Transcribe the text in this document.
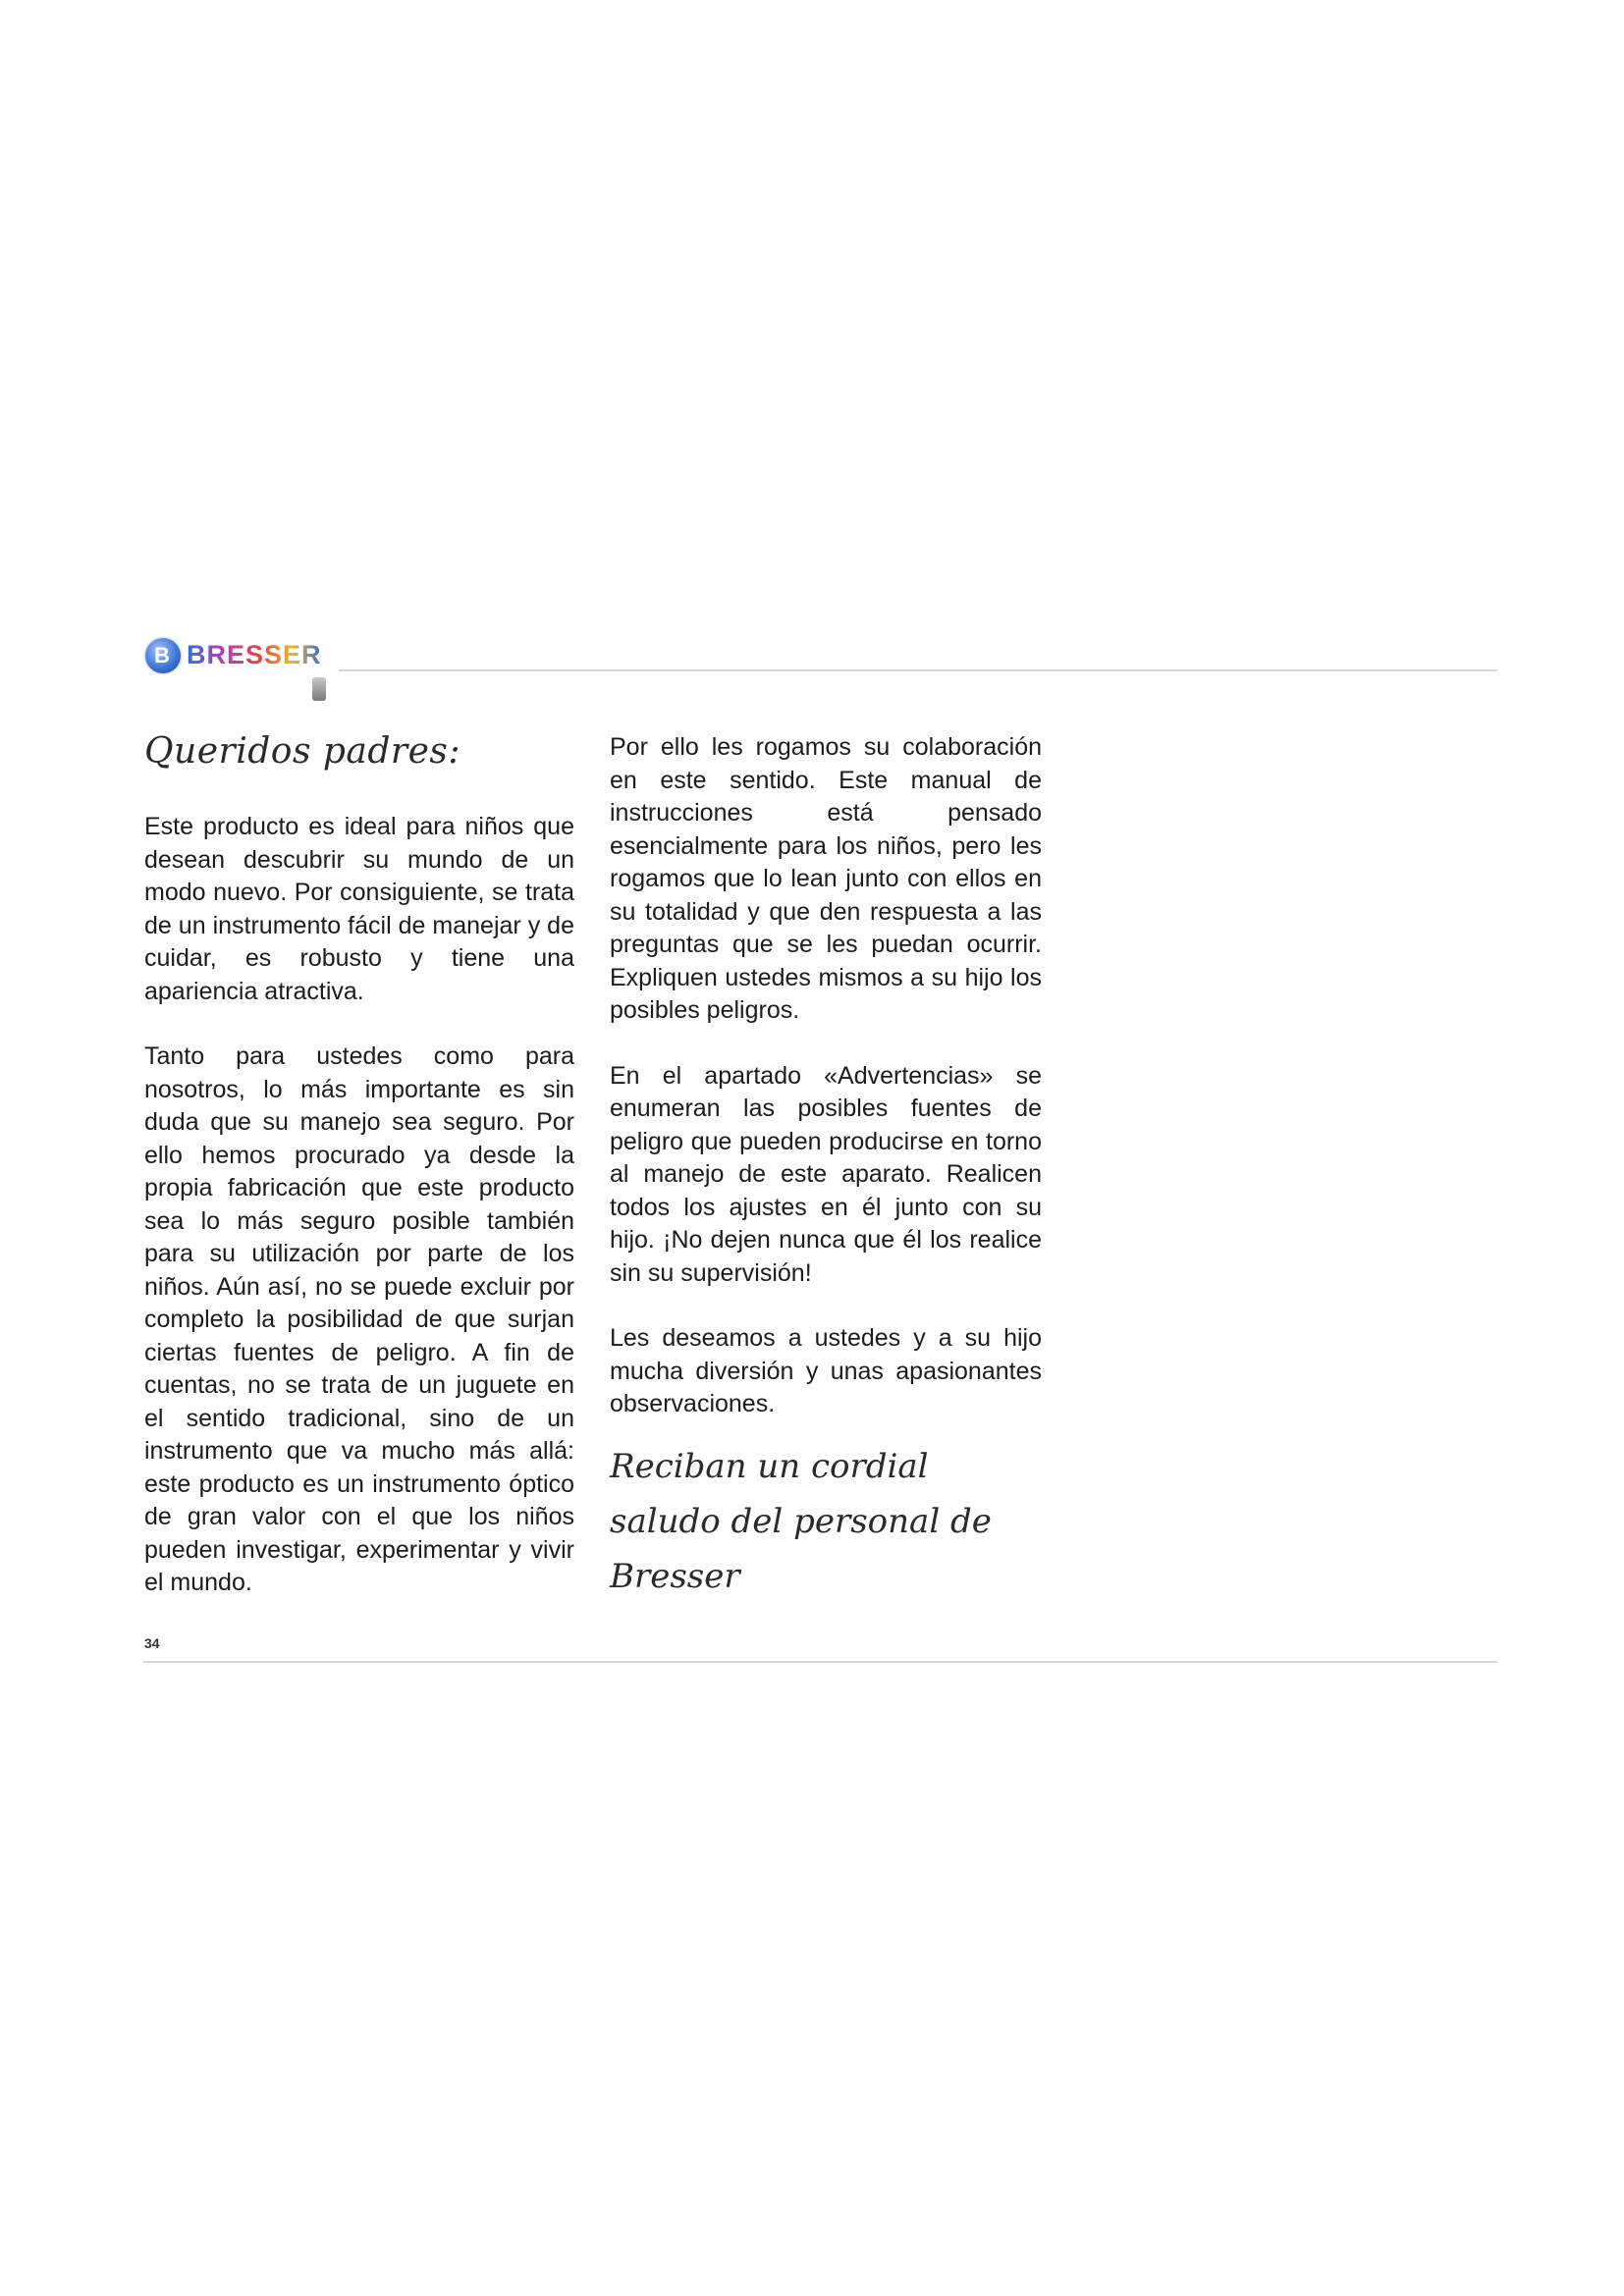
B BRESSER
Queridos padres:

Este producto es ideal para niños que desean descubrir su mundo de un modo nuevo. Por consiguiente, se trata de un instrumento fácil de manejar y de cuidar, es robusto y tiene una apariencia atractiva.

Tanto para ustedes como para nosotros, lo más importante es sin duda que su manejo sea seguro. Por ello hemos procurado ya desde la propia fabricación que este producto sea lo más seguro posible también para su utilización por parte de los niños. Aún así, no se puede excluir por completo la posibilidad de que surjan ciertas fuentes de peligro. A fin de cuentas, no se trata de un juguete en el sentido tradicional, sino de un instrumento que va mucho más allá: este producto es un instrumento óptico de gran valor con el que los niños pueden investigar, experimentar y vivir el mundo.

Por ello les rogamos su colaboración en este sentido. Este manual de instrucciones está pensado esencialmente para los niños, pero les rogamos que lo lean junto con ellos en su totalidad y que den respuesta a las preguntas que se les puedan ocurrir. Expliquen ustedes mismos a su hijo los posibles peligros.

En el apartado «Advertencias» se enumeran las posibles fuentes de peligro que pueden producirse en torno al manejo de este aparato. Realicen todos los ajustes en él junto con su hijo. ¡No dejen nunca que él los realice sin su supervisión!

Les deseamos a ustedes y a su hijo mucha diversión y unas apasionantes observaciones.

Reciban un cordial
saludo del personal de
Bresser
34
